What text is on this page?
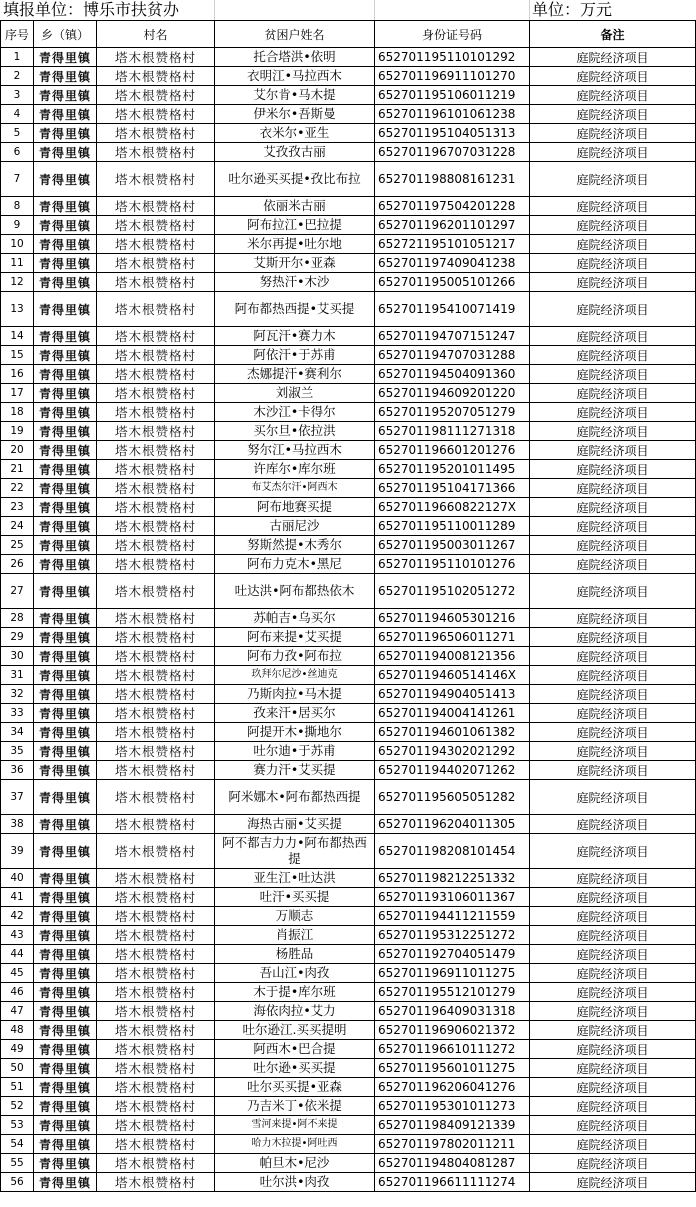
填报单位：博乐市扶贫办	单位：万元
序号	乡（镇）	村名	贫困户姓名	身份证号码	备注
1	青得里镇	塔木根赞格村	托合塔洪•依明	652701195110101292	庭院经济项目
2	青得里镇	塔木根赞格村	衣明江•马拉西木	652701196911101270	庭院经济项目
3	青得里镇	塔木根赞格村	艾尔肯•马木提	652701195106011219	庭院经济项目
4	青得里镇	塔木根赞格村	伊米尔•吾斯曼	652701196101061238	庭院经济项目
5	青得里镇	塔木根赞格村	衣米尔•亚生	652701195104051313	庭院经济项目
6	青得里镇	塔木根赞格村	艾孜孜古丽	652701196707031228	庭院经济项目
7	青得里镇	塔木根赞格村	吐尔逊买买提•孜比布拉	652701198808161231	庭院经济项目
8	青得里镇	塔木根赞格村	依丽米古丽	652701197504201228	庭院经济项目
9	青得里镇	塔木根赞格村	阿布拉江•巴拉提	652701196201101297	庭院经济项目
10	青得里镇	塔木根赞格村	米尔再提•吐尔地	652721195101051217	庭院经济项目
11	青得里镇	塔木根赞格村	艾斯开尔•亚森	652701197409041238	庭院经济项目
12	青得里镇	塔木根赞格村	努热汗•木沙	652701195005101266	庭院经济项目
13	青得里镇	塔木根赞格村	阿布都热西提•艾买提	652701195410071419	庭院经济项目
14	青得里镇	塔木根赞格村	阿瓦汗•赛力木	652701194707151247	庭院经济项目
15	青得里镇	塔木根赞格村	阿依汗•于苏甫	652701194707031288	庭院经济项目
16	青得里镇	塔木根赞格村	杰娜提汗•赛利尔	652701194504091360	庭院经济项目
17	青得里镇	塔木根赞格村	刘淑兰	652701194609201220	庭院经济项目
18	青得里镇	塔木根赞格村	木沙江•卡得尔	652701195207051279	庭院经济项目
19	青得里镇	塔木根赞格村	买尔旦•依拉洪	652701198111271318	庭院经济项目
20	青得里镇	塔木根赞格村	努尔江•马拉西木	652701196601201276	庭院经济项目
21	青得里镇	塔木根赞格村	许库尔•库尔班	652701195201011495	庭院经济项目
22	青得里镇	塔木根赞格村	布艾杰尔汗•阿西木	652701195104171366	庭院经济项目
23	青得里镇	塔木根赞格村	阿布地赛买提	65270119660822127X	庭院经济项目
24	青得里镇	塔木根赞格村	古丽尼沙	652701195110011289	庭院经济项目
25	青得里镇	塔木根赞格村	努斯然提•木秀尔	652701195003011267	庭院经济项目
26	青得里镇	塔木根赞格村	阿布力克木•黑尼	652701195110101276	庭院经济项目
27	青得里镇	塔木根赞格村	吐达洪•阿布都热依木	652701195102051272	庭院经济项目
28	青得里镇	塔木根赞格村	苏帕吉•乌买尔	652701194605301216	庭院经济项目
29	青得里镇	塔木根赞格村	阿布来提•艾买提	652701196506011271	庭院经济项目
30	青得里镇	塔木根赞格村	阿布力孜•阿布拉	652701194008121356	庭院经济项目
31	青得里镇	塔木根赞格村	玖拜尔尼沙•丝迪克	65270119460514146X	庭院经济项目
32	青得里镇	塔木根赞格村	乃斯肉拉•马木提	652701194904051413	庭院经济项目
33	青得里镇	塔木根赞格村	孜来汗•居买尔	652701194004141261	庭院经济项目
34	青得里镇	塔木根赞格村	阿提开木•撕地尔	652701194601061382	庭院经济项目
35	青得里镇	塔木根赞格村	吐尔迪•于苏甫	652701194302021292	庭院经济项目
36	青得里镇	塔木根赞格村	赛力汗•艾买提	652701194402071262	庭院经济项目
37	青得里镇	塔木根赞格村	阿米娜木•阿布都热西提	652701195605051282	庭院经济项目
38	青得里镇	塔木根赞格村	海热古丽•艾买提	652701196204011305	庭院经济项目
39	青得里镇	塔木根赞格村	阿不都吉力力•阿布都热西提	652701198208101454	庭院经济项目
40	青得里镇	塔木根赞格村	亚生江•吐达洪	652701198212251332	庭院经济项目
41	青得里镇	塔木根赞格村	吐汗•买买提	652701193106011367	庭院经济项目
42	青得里镇	塔木根赞格村	万顺志	652701194411211559	庭院经济项目
43	青得里镇	塔木根赞格村	肖振江	652701195312251272	庭院经济项目
44	青得里镇	塔木根赞格村	杨胜品	652701192704051479	庭院经济项目
45	青得里镇	塔木根赞格村	吾山江•肉孜	652701196911011275	庭院经济项目
46	青得里镇	塔木根赞格村	木于提•库尔班	652701195512101279	庭院经济项目
47	青得里镇	塔木根赞格村	海依肉拉•艾力	652701196409031318	庭院经济项目
48	青得里镇	塔木根赞格村	吐尔逊江.买买提明	652701196906021372	庭院经济项目
49	青得里镇	塔木根赞格村	阿西木•巴合提	652701196610111272	庭院经济项目
50	青得里镇	塔木根赞格村	吐尔逊•买买提	652701195601011275	庭院经济项目
51	青得里镇	塔木根赞格村	吐尔买买提•亚森	652701196206041276	庭院经济项目
52	青得里镇	塔木根赞格村	乃吉米丁•依米提	652701195301011273	庭院经济项目
53	青得里镇	塔木根赞格村	雪河来提•阿不来提	652701198409121339	庭院经济项目
54	青得里镇	塔木根赞格村	哈力木拉提•阿吐西	652701197802011211	庭院经济项目
55	青得里镇	塔木根赞格村	帕旦木•尼沙	652701194804081287	庭院经济项目
56	青得里镇	塔木根赞格村	吐尔洪•肉孜	652701196611111274	庭院经济项目
